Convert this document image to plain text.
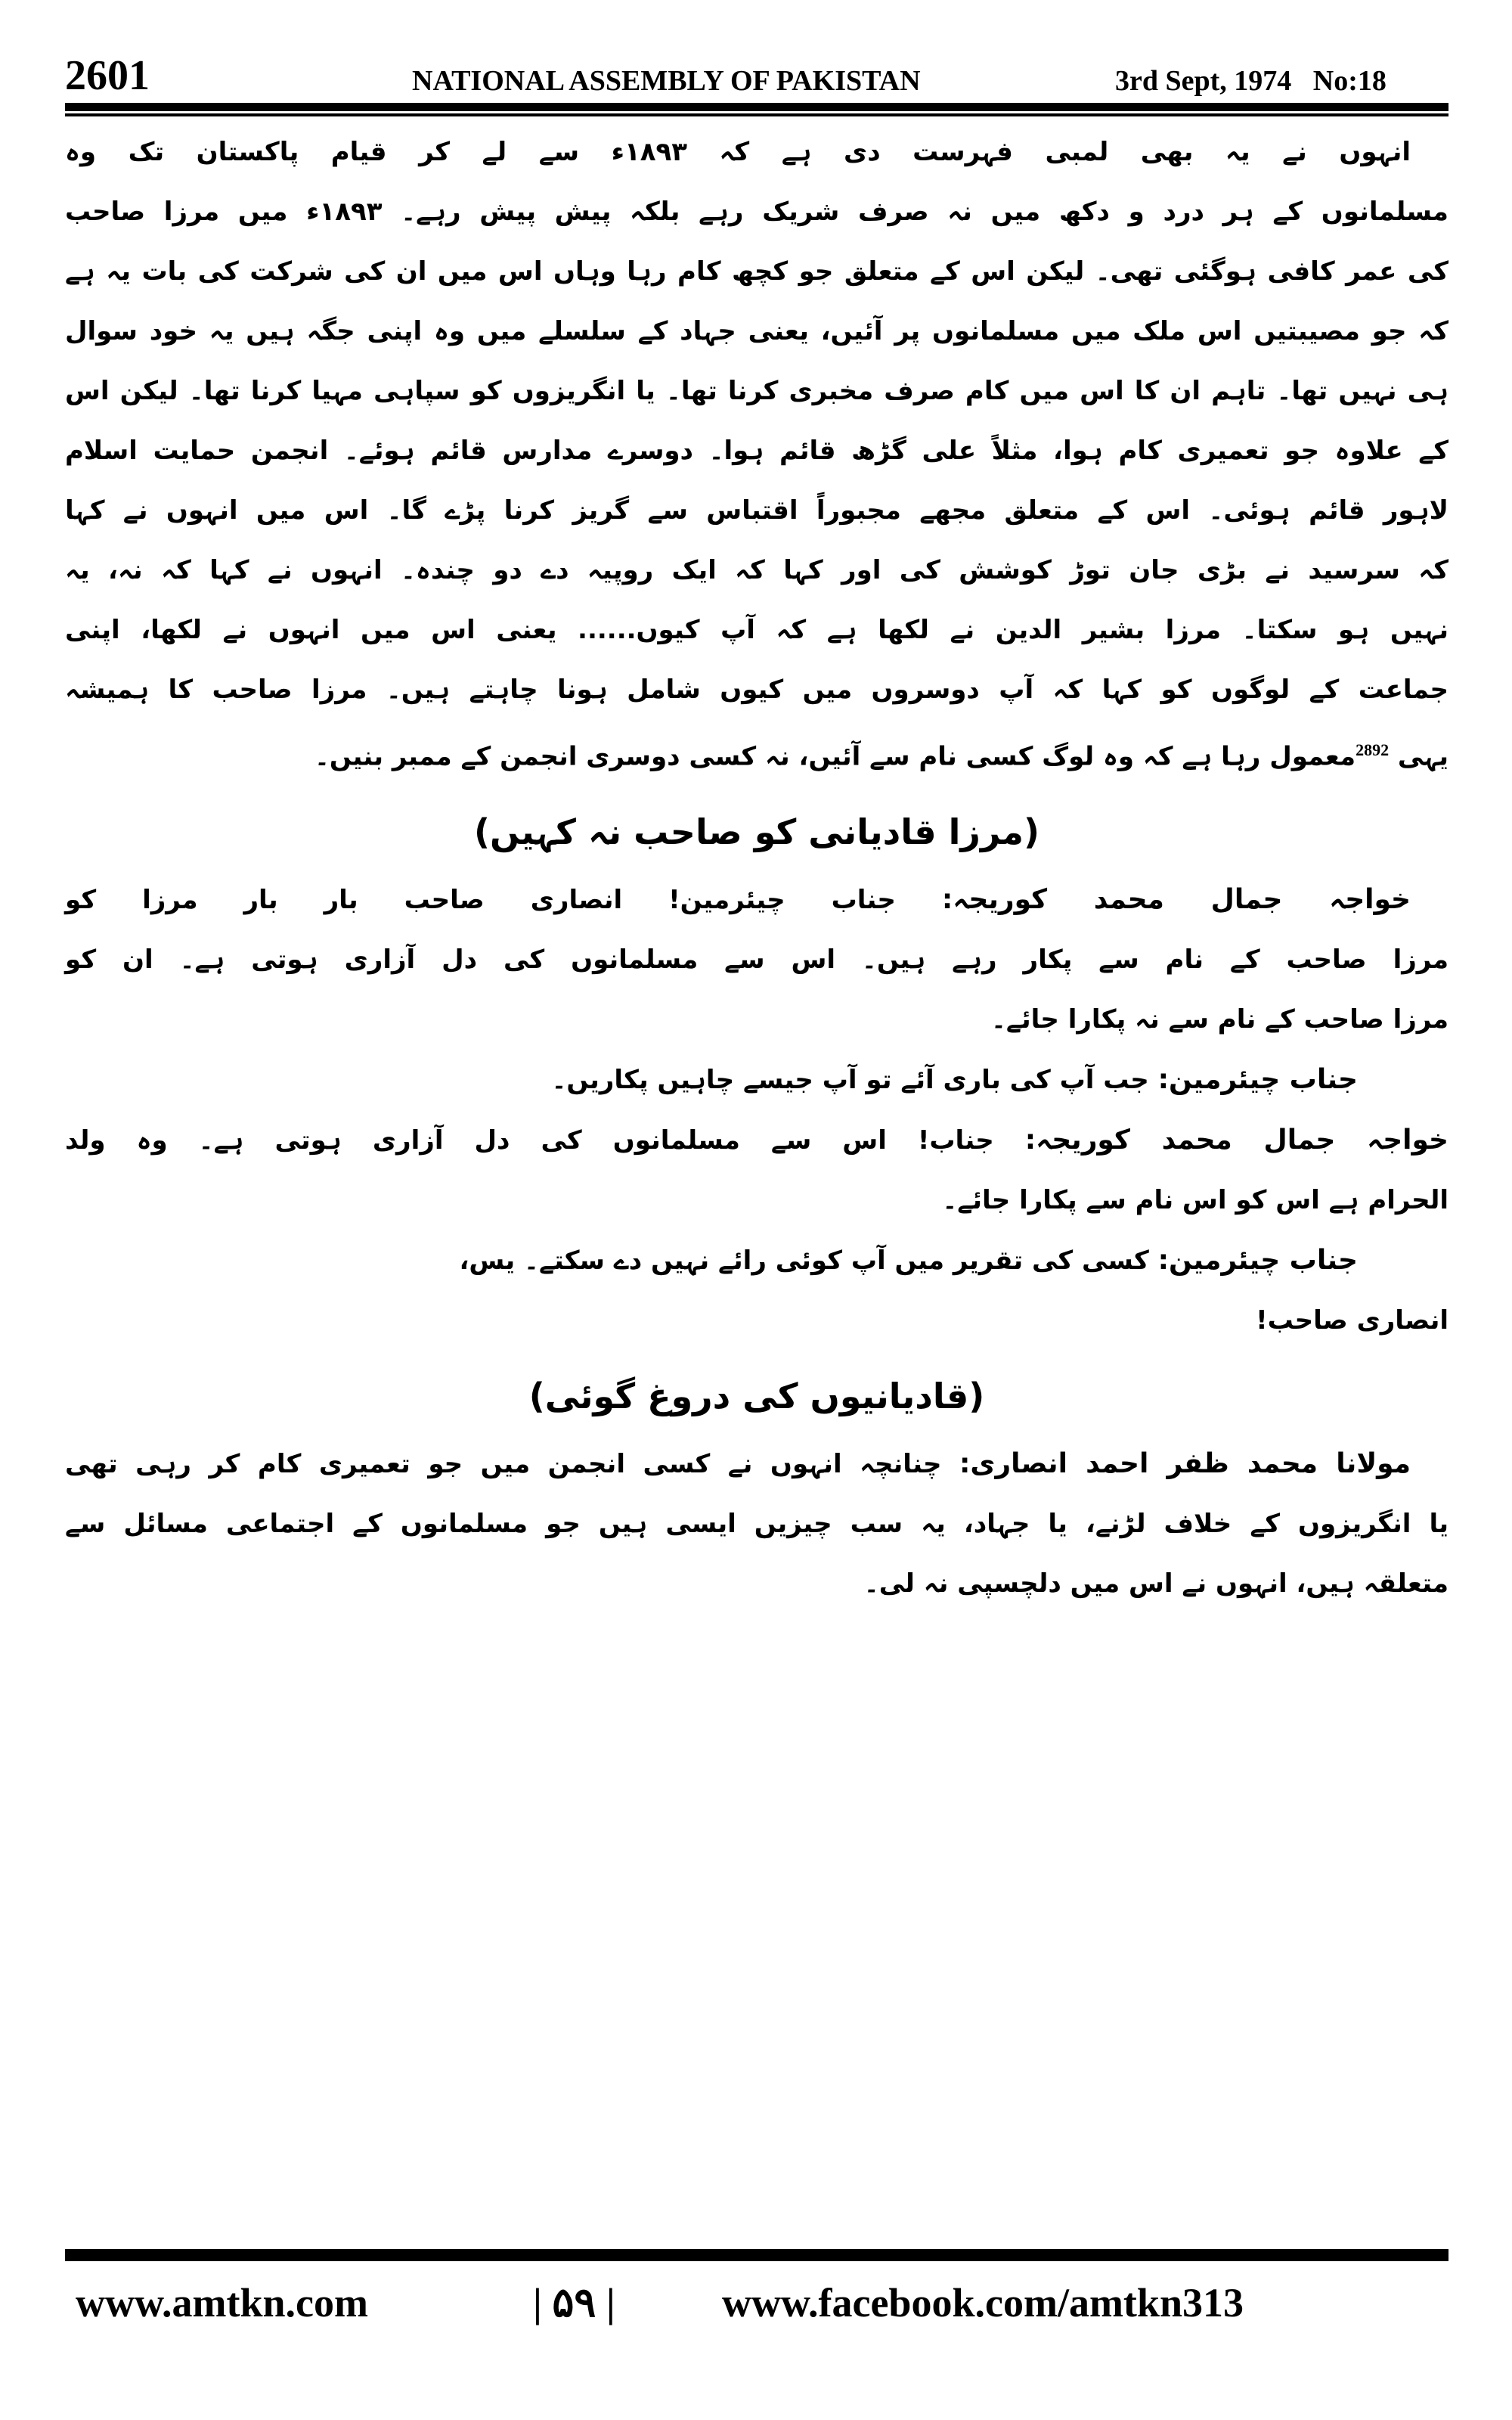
2601	NATIONAL ASSEMBLY OF PAKISTAN	3rd Sept, 1974   No:18
انہوں نے یہ بھی لمبی فہرست دی ہے کہ ۱۸۹۳ء سے لے کر قیام پاکستان تک وہ
مسلمانوں کے ہر درد و دکھ میں نہ صرف شریک رہے بلکہ پیش پیش رہے۔ ۱۸۹۳ء میں مرزا صاحب
کی عمر کافی ہوگئی تھی۔ لیکن اس کے متعلق جو کچھ کام رہا وہاں اس میں ان کی شرکت کی بات یہ ہے
کہ جو مصیبتیں اس ملک میں مسلمانوں پر آئیں، یعنی جہاد کے سلسلے میں وہ اپنی جگہ ہیں یہ خود سوال
ہی نہیں تھا۔ تاہم ان کا اس میں کام صرف مخبری کرنا تھا۔ یا انگریزوں کو سپاہی مہیا کرنا تھا۔ لیکن اس
کے علاوہ جو تعمیری کام ہوا، مثلاً علی گڑھ قائم ہوا۔ دوسرے مدارس قائم ہوئے۔ انجمن حمایت اسلام
لاہور قائم ہوئی۔ اس کے متعلق مجھے مجبوراً اقتباس سے گریز کرنا پڑے گا۔ اس میں انہوں نے کہا
کہ سرسید نے بڑی جان توڑ کوشش کی اور کہا کہ ایک روپیہ دے دو چندہ۔ انہوں نے کہا کہ نہ، یہ
نہیں ہو سکتا۔ مرزا بشیر الدین نے لکھا ہے کہ آپ کیوں...... یعنی اس میں انہوں نے لکھا، اپنی
جماعت کے لوگوں کو کہا کہ آپ دوسروں میں کیوں شامل ہونا چاہتے ہیں۔ مرزا صاحب کا ہمیشہ
یہی $^{2892}$معمول رہا ہے کہ وہ لوگ کسی نام سے آئیں، نہ کسی دوسری انجمن کے ممبر بنیں۔
(مرزا قادیانی کو صاحب نہ کہیں)
خواجہ جمال محمد کوریجہ: جناب چیئرمین! انصاری صاحب بار بار مرزا کو
مرزا صاحب کے نام سے پکار رہے ہیں۔ اس سے مسلمانوں کی دل آزاری ہوتی ہے۔ ان کو
مرزا صاحب کے نام سے نہ پکارا جائے۔
جناب چیئرمین: جب آپ کی باری آئے تو آپ جیسے چاہیں پکاریں۔
خواجہ جمال محمد کوریجہ: جناب! اس سے مسلمانوں کی دل آزاری ہوتی ہے۔ وہ ولد
الحرام ہے اس کو اس نام سے پکارا جائے۔
جناب چیئرمین: کسی کی تقریر میں آپ کوئی رائے نہیں دے سکتے۔ یس،
انصاری صاحب!
(قادیانیوں کی دروغ گوئی)
مولانا محمد ظفر احمد انصاری: چنانچہ انہوں نے کسی انجمن میں جو تعمیری کام کر رہی تھی
یا انگریزوں کے خلاف لڑنے، یا جہاد، یہ سب چیزیں ایسی ہیں جو مسلمانوں کے اجتماعی مسائل سے
متعلقہ ہیں، انہوں نے اس میں دلچسپی نہ لی۔
www.amtkn.com	| ۵۹ |	www.facebook.com/amtkn313
